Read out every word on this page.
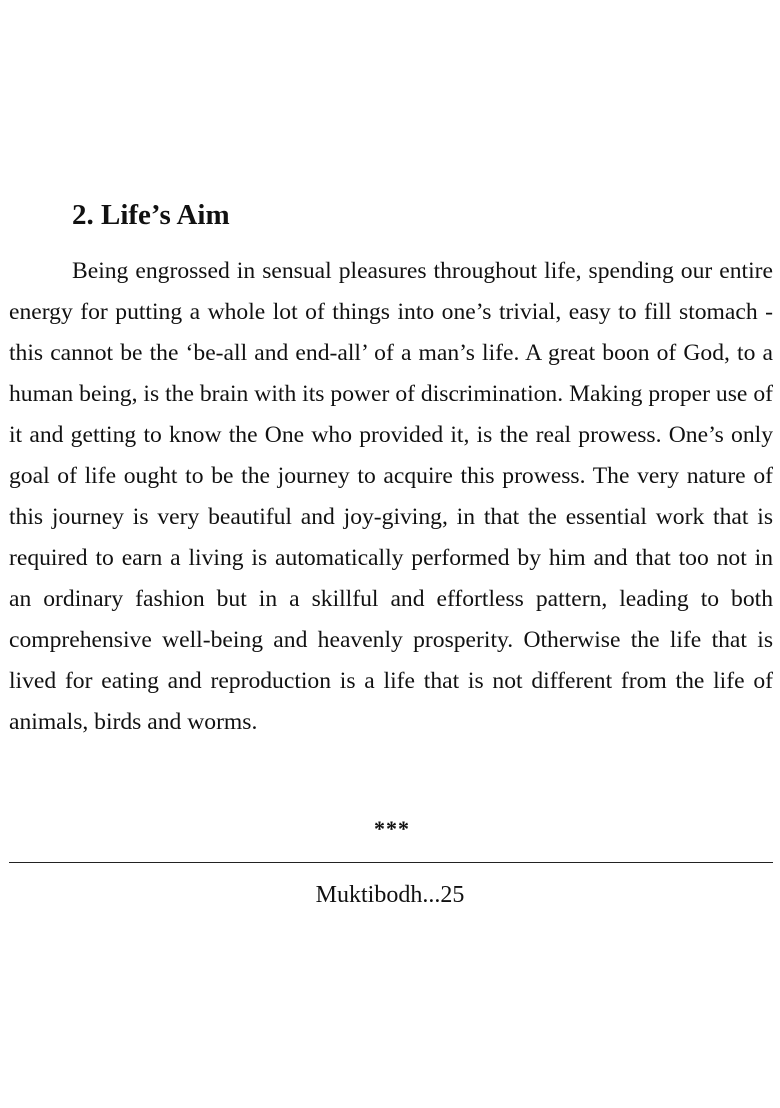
2. Life’s Aim

Being engrossed in sensual pleasures throughout life, spending our entire energy for putting a whole lot of things into one’s trivial, easy to fill stomach - this cannot be the ‘be-all and end-all’ of a man’s life. A great boon of God, to a human being, is the brain with its power of discrimination. Making proper use of it and getting to know the One who provided it, is the real prowess. One’s only goal of life ought to be the journey to acquire this prowess. The very nature of this journey is very beautiful and joy-giving, in that the essential work that is required to earn a living is automatically performed by him and that too not in an ordinary fashion but in a skillful and effortless pattern, leading to both comprehensive well-being and heavenly prosperity. Otherwise the life that is lived for eating and reproduction is a life that is not different from the life of animals, birds and worms.

***
Muktibodh...25
